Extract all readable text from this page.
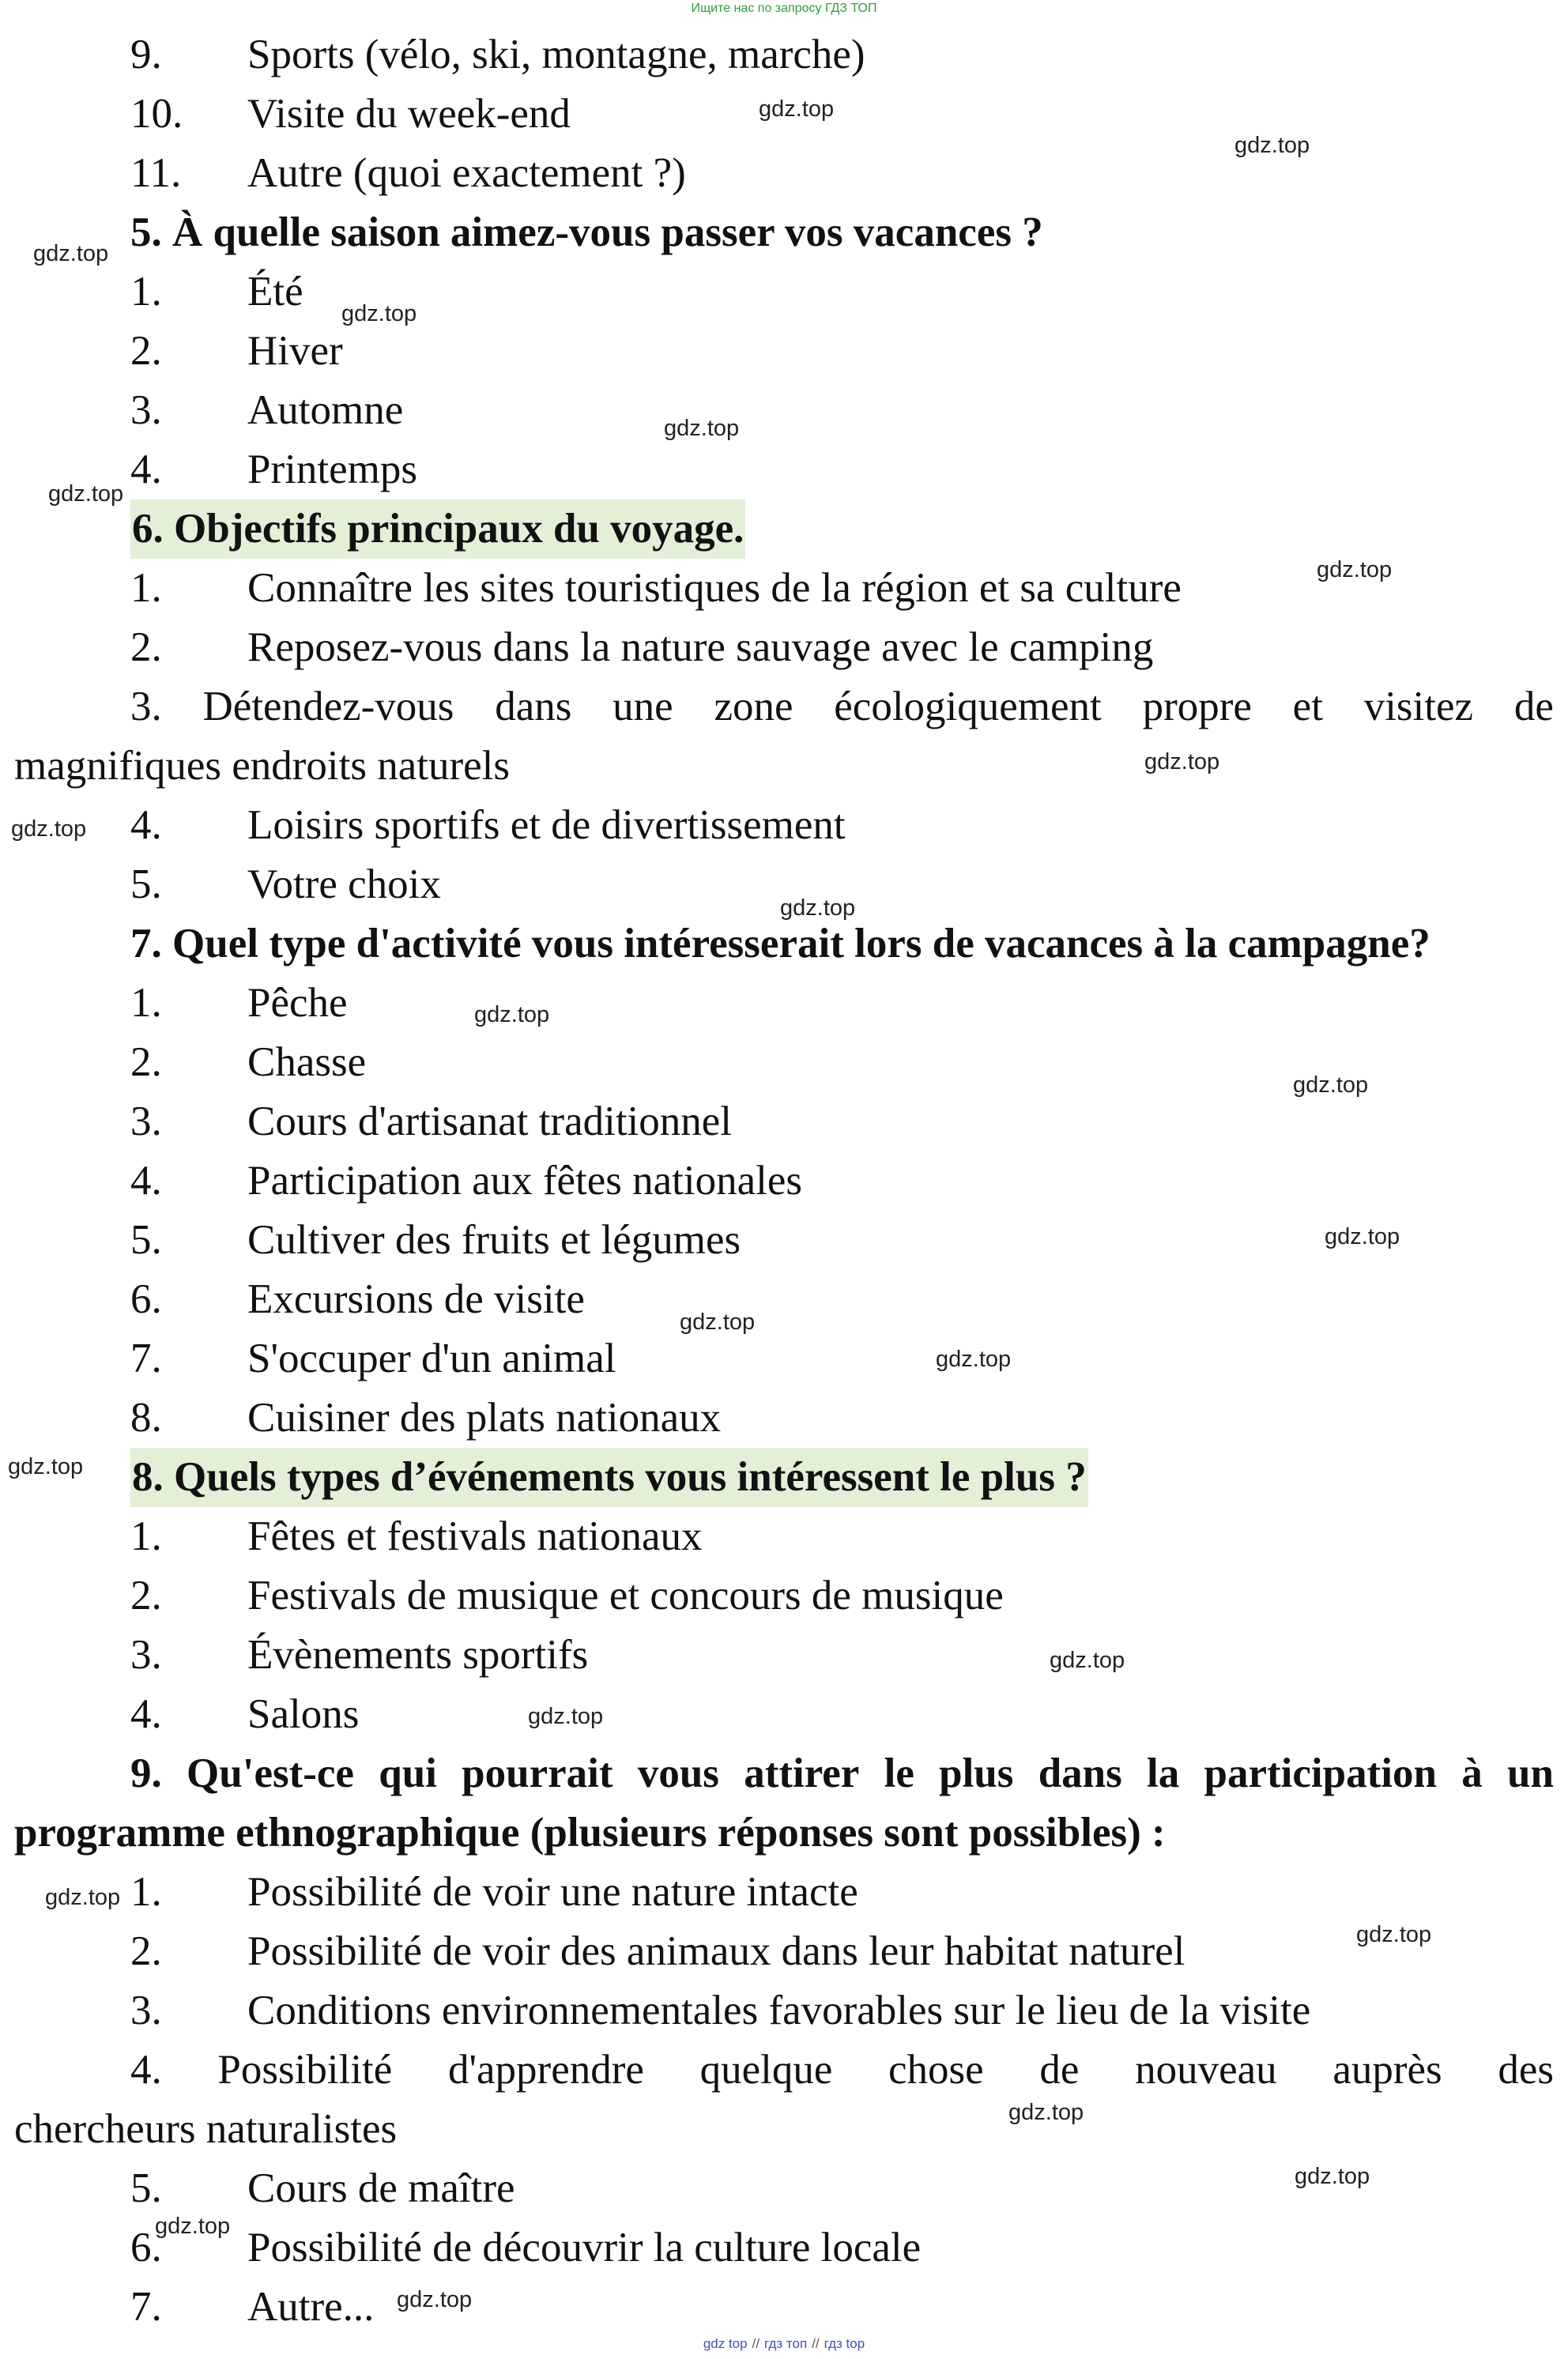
Ищите нас по запросу ГДЗ ТОП
9. Sports (vélo, ski, montagne, marche)
10. Visite du week-end
11. Autre (quoi exactement ?)
5. À quelle saison aimez-vous passer vos vacances ?
1. Été
2. Hiver
3. Automne
4. Printemps
6. Objectifs principaux du voyage.
1. Connaître les sites touristiques de la région et sa culture
2. Reposez-vous dans la nature sauvage avec le camping
3. Détendez-vous dans une zone écologiquement propre et visitez de
magnifiques endroits naturels
4. Loisirs sportifs et de divertissement
5. Votre choix
7. Quel type d'activité vous intéresserait lors de vacances à la campagne?
1. Pêche
2. Chasse
3. Cours d'artisanat traditionnel
4. Participation aux fêtes nationales
5. Cultiver des fruits et légumes
6. Excursions de visite
7. S'occuper d'un animal
8. Cuisiner des plats nationaux
8. Quels types d’événements vous intéressent le plus ?
1. Fêtes et festivals nationaux
2. Festivals de musique et concours de musique
3. Évènements sportifs
4. Salons
9. Qu'est-ce qui pourrait vous attirer le plus dans la participation à un
programme ethnographique (plusieurs réponses sont possibles) :
1. Possibilité de voir une nature intacte
2. Possibilité de voir des animaux dans leur habitat naturel
3. Conditions environnementales favorables sur le lieu de la visite
4. Possibilité d'apprendre quelque chose de nouveau auprès des
chercheurs naturalistes
5. Cours de maître
6. Possibilité de découvrir la culture locale
7. Autre...
gdz.top
gdz.top
gdz.top
gdz.top
gdz.top
gdz.top
gdz.top
gdz.top
gdz.top
gdz.top
gdz.top
gdz.top
gdz.top
gdz.top
gdz.top
gdz.top
gdz.top
gdz.top
gdz.top
gdz.top
gdz.top
gdz.top
gdz.top
gdz.top
gdz top // гдз топ // гдз top
